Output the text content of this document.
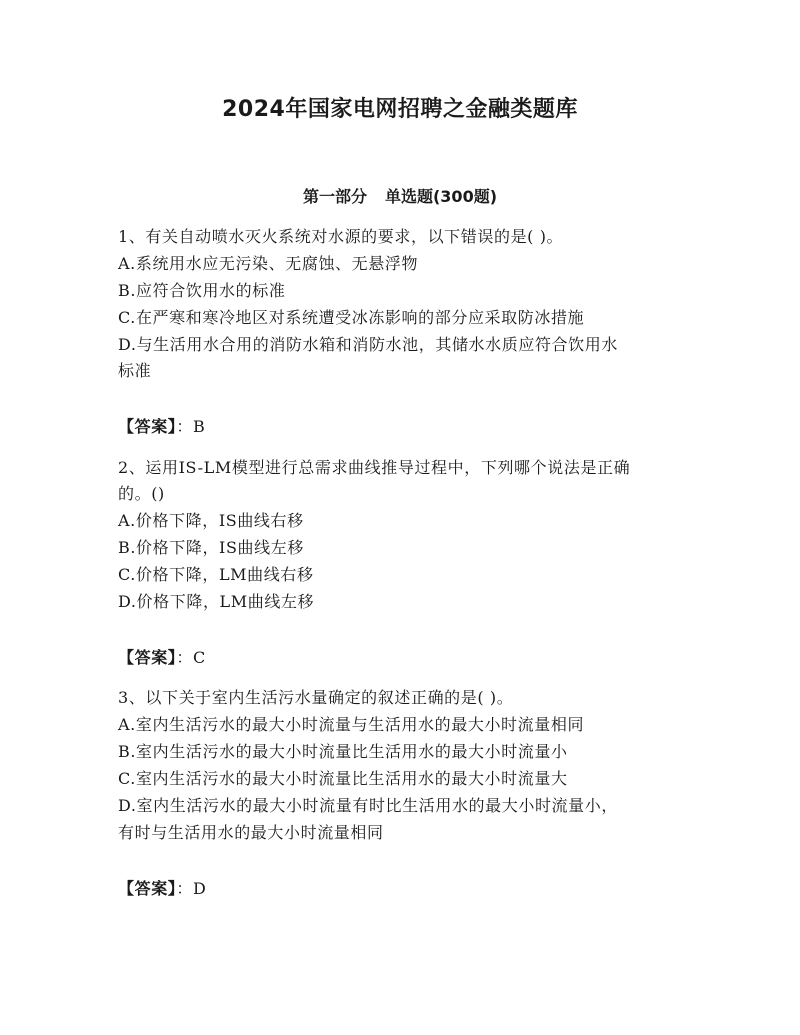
2024年国家电网招聘之金融类题库
第一部分 单选题(300题)
1、有关自动喷水灭火系统对水源的要求，以下错误的是( )。
A.系统用水应无污染、无腐蚀、无悬浮物
B.应符合饮用水的标准
C.在严寒和寒冷地区对系统遭受冰冻影响的部分应采取防冰措施
D.与生活用水合用的消防水箱和消防水池，其储水水质应符合饮用水
标准
【答案】：B
2、运用IS-LM模型进行总需求曲线推导过程中，下列哪个说法是正确
的。()
A.价格下降，IS曲线右移
B.价格下降，IS曲线左移
C.价格下降，LM曲线右移
D.价格下降，LM曲线左移
【答案】：C
3、以下关于室内生活污水量确定的叙述正确的是( )。
A.室内生活污水的最大小时流量与生活用水的最大小时流量相同
B.室内生活污水的最大小时流量比生活用水的最大小时流量小
C.室内生活污水的最大小时流量比生活用水的最大小时流量大
D.室内生活污水的最大小时流量有时比生活用水的最大小时流量小，
有时与生活用水的最大小时流量相同
【答案】：D
